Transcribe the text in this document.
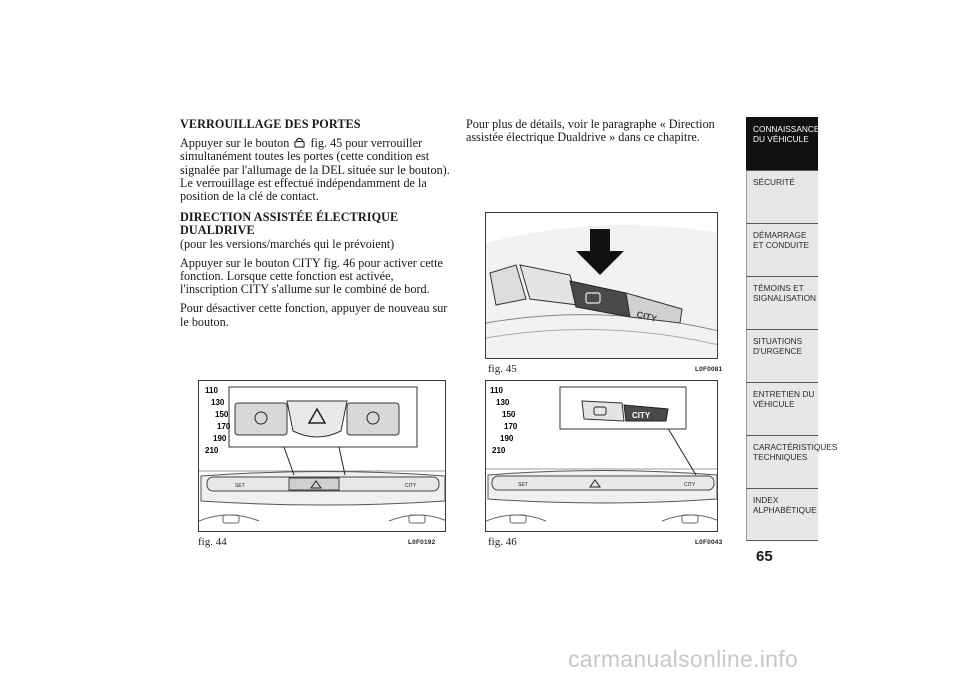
VERROUILLAGE DES PORTES
Appuyer sur le bouton fig. 45 pour verrouiller simultanément toutes les portes (cette condition est signalée par l'allumage de la DEL située sur le bouton). Le verrouillage est effectué indépendamment de la position de la clé de contact.
DIRECTION ASSISTÉE ÉLECTRIQUE DUALDRIVE
(pour les versions/marchés qui le prévoient)
Appuyer sur le bouton CITY fig. 46 pour activer cette fonction. Lorsque cette fonction est activée, l'inscription CITY s'allume sur le combiné de bord.
Pour désactiver cette fonction, appuyer de nouveau sur le bouton.
Pour plus de détails, voir le paragraphe « Direction assistée électrique Dualdrive » dans ce chapitre.
SET	CITY
110
130
150
170
190
210
fig. 44	L0F0192
CITY
fig. 45	L0F0081
SET	CITY
CITY
110
130
150
170
190
210
fig. 46	L0F0043
CONNAISSANCE DU VÉHICULE
SÉCURITÉ
DÉMARRAGE ET CONDUITE
TÉMOINS ET SIGNALISATION
SITUATIONS D'URGENCE
ENTRETIEN DU VÉHICULE
CARACTÉRISTIQUES TECHNIQUES
INDEX ALPHABÉTIQUE
65
carmanualsonline.info
